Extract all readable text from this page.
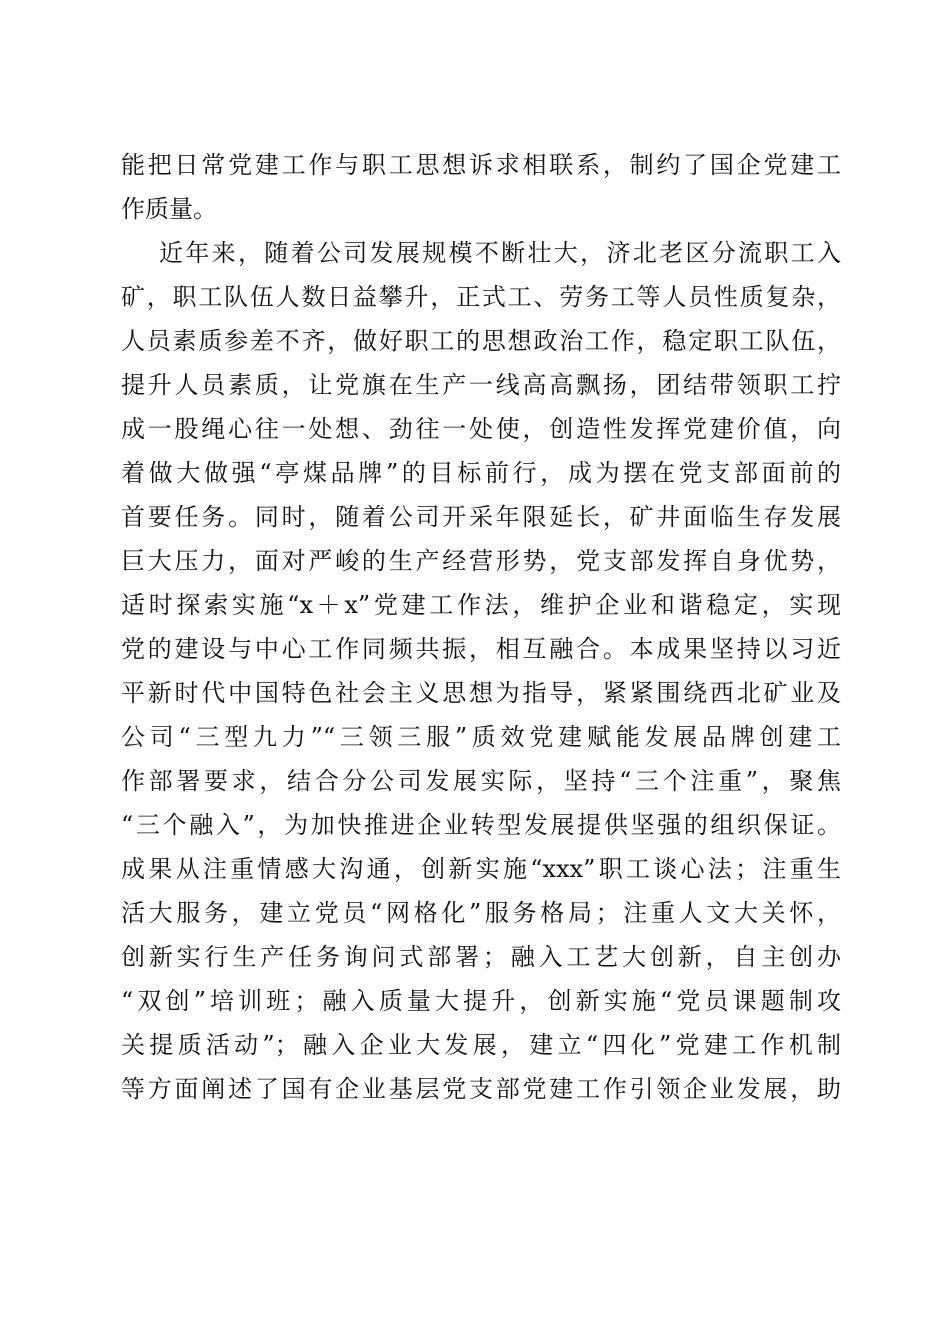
能把日常党建工作与职工思想诉求相联系，制约了国企党建工
作质量。
近年来，随着公司发展规模不断壮大，济北老区分流职工入
矿，职工队伍人数日益攀升，正式工、劳务工等人员性质复杂，
人员素质参差不齐，做好职工的思想政治工作，稳定职工队伍，
提升人员素质，让党旗在生产一线高高飘扬，团结带领职工拧
成一股绳心往一处想、劲往一处使，创造性发挥党建价值，向
着做大做强“亭煤品牌”的目标前行，成为摆在党支部面前的
首要任务。同时，随着公司开采年限延长，矿井面临生存发展
巨大压力，面对严峻的生产经营形势，党支部发挥自身优势，
适时探索实施“x＋x”党建工作法，维护企业和谐稳定，实现
党的建设与中心工作同频共振，相互融合。本成果坚持以习近
平新时代中国特色社会主义思想为指导，紧紧围绕西北矿业及
公司“三型九力”“三领三服”质效党建赋能发展品牌创建工
作部署要求，结合分公司发展实际，坚持“三个注重”，聚焦
“三个融入”，为加快推进企业转型发展提供坚强的组织保证。
成果从注重情感大沟通，创新实施“xxx”职工谈心法；注重生
活大服务，建立党员“网格化”服务格局；注重人文大关怀，
创新实行生产任务询问式部署；融入工艺大创新，自主创办
“双创”培训班；融入质量大提升，创新实施“党员课题制攻
关提质活动”；融入企业大发展，建立“四化”党建工作机制
等方面阐述了国有企业基层党支部党建工作引领企业发展，助
